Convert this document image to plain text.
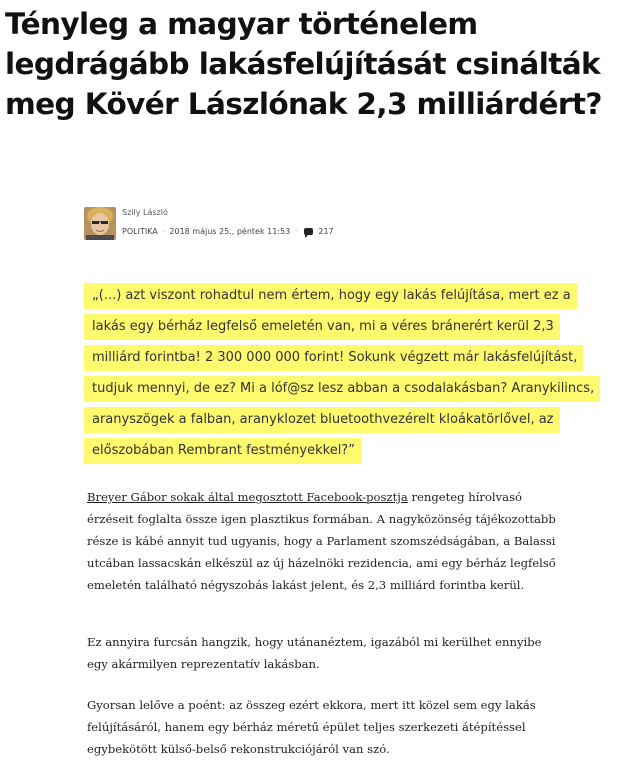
Tényleg a magyar történelem legdrágább lakásfelújítását csinálták meg Kövér Lászlónak 2,3 milliárdért?
Szily László
POLITIKA · 2018 május 25., péntek 11:53 ·	217

„(...) azt viszont rohadtul nem értem, hogy egy lakás felújítása, mert ez a lakás egy bérház legfelső emeletén van, mi a véres bránerért kerül 2,3 milliárd forintba! 2 300 000 000 forint! Sokunk végzett már lakásfelújítást, tudjuk mennyi, de ez? Mi a lóf@sz lesz abban a csodalakásban? Aranykilincs, aranyszögek a falban, aranyklozet bluetoothvezérelt kloákatörlővel, az előszobában Rembrant festményekkel?”

Breyer Gábor sokak által megosztott Facebook-posztja rengeteg hírolvasó érzéseit foglalta össze igen plasztikus formában. A nagyközönség tájékozottabb része is kábé annyit tud ugyanis, hogy a Parlament szomszédságában, a Balassi utcában lassacskán elkészül az új házelnöki rezidencia, ami egy bérház legfelső emeletén található négyszobás lakást jelent, és 2,3 milliárd forintba kerül.

Ez annyira furcsán hangzik, hogy utánanéztem, igazából mi kerülhet ennyibe egy akármilyen reprezentatív lakásban.

Gyorsan lelőve a poént: az összeg ezért ekkora, mert itt közel sem egy lakás felújításáról, hanem egy bérház méretű épület teljes szerkezeti átépítéssel egybekötött külső-belső rekonstrukciójáról van szó.
